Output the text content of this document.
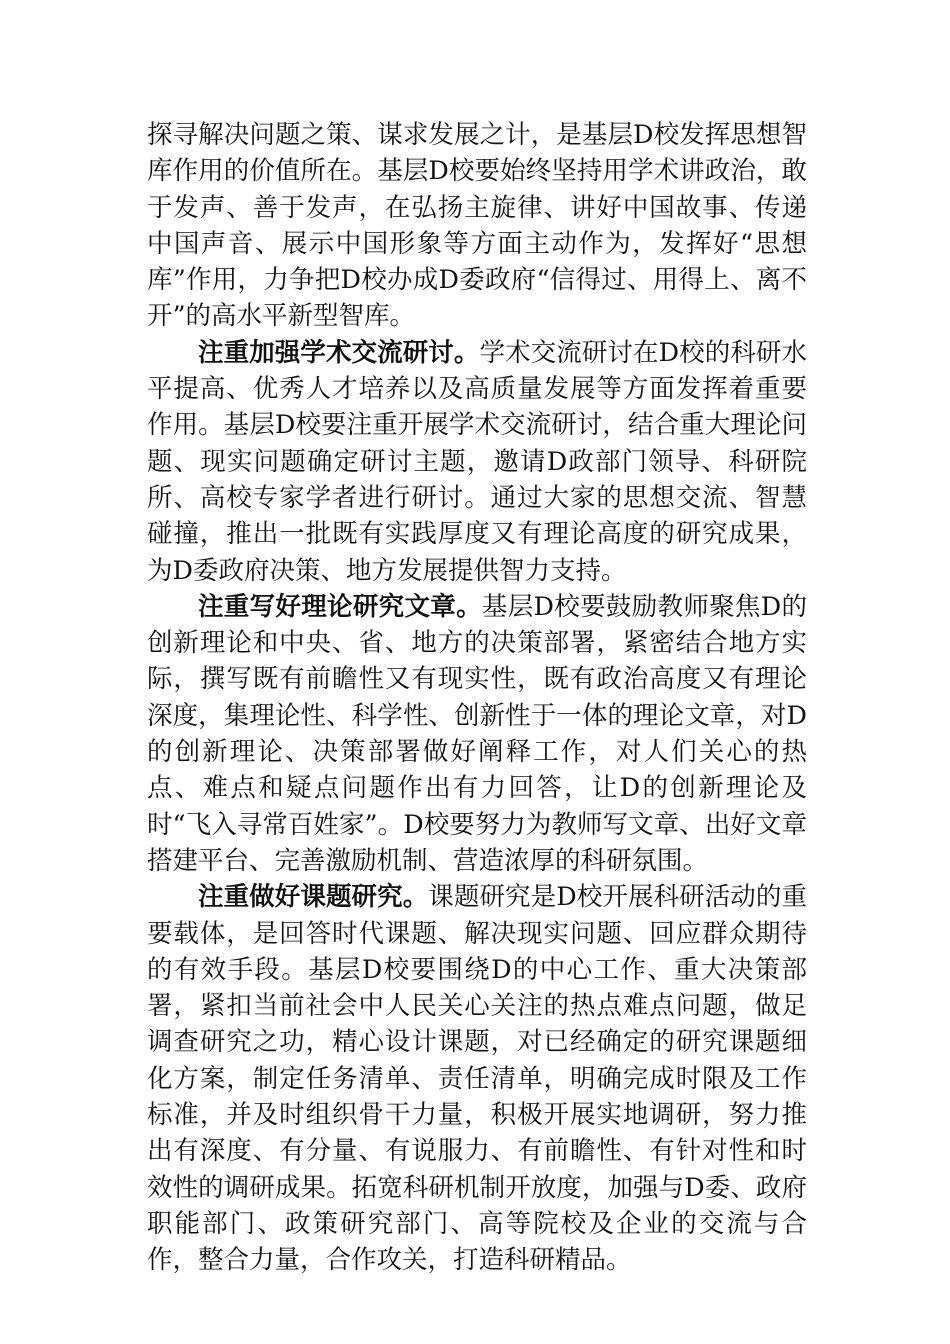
探寻解决问题之策、谋求发展之计，是基层D校发挥思想智库作用的价值所在。基层D校要始终坚持用学术讲政治，敢于发声、善于发声，在弘扬主旋律、讲好中国故事、传递中国声音、展示中国形象等方面主动作为，发挥好“思想库”作用，力争把D校办成D委政府“信得过、用得上、离不开”的高水平新型智库。

注重加强学术交流研讨。学术交流研讨在D校的科研水平提高、优秀人才培养以及高质量发展等方面发挥着重要作用。基层D校要注重开展学术交流研讨，结合重大理论问题、现实问题确定研讨主题，邀请D政部门领导、科研院所、高校专家学者进行研讨。通过大家的思想交流、智慧碰撞，推出一批既有实践厚度又有理论高度的研究成果，为D委政府决策、地方发展提供智力支持。

注重写好理论研究文章。基层D校要鼓励教师聚焦D的创新理论和中央、省、地方的决策部署，紧密结合地方实际，撰写既有前瞻性又有现实性，既有政治高度又有理论深度，集理论性、科学性、创新性于一体的理论文章，对D的创新理论、决策部署做好阐释工作，对人们关心的热点、难点和疑点问题作出有力回答，让D的创新理论及时“飞入寻常百姓家”。D校要努力为教师写文章、出好文章搭建平台、完善激励机制、营造浓厚的科研氛围。

注重做好课题研究。课题研究是D校开展科研活动的重要载体，是回答时代课题、解决现实问题、回应群众期待的有效手段。基层D校要围绕D的中心工作、重大决策部署，紧扣当前社会中人民关心关注的热点难点问题，做足调查研究之功，精心设计课题，对已经确定的研究课题细化方案，制定任务清单、责任清单，明确完成时限及工作标准，并及时组织骨干力量，积极开展实地调研，努力推出有深度、有分量、有说服力、有前瞻性、有针对性和时效性的调研成果。拓宽科研机制开放度，加强与D委、政府职能部门、政策研究部门、高等院校及企业的交流与合作，整合力量，合作攻关，打造科研精品。
